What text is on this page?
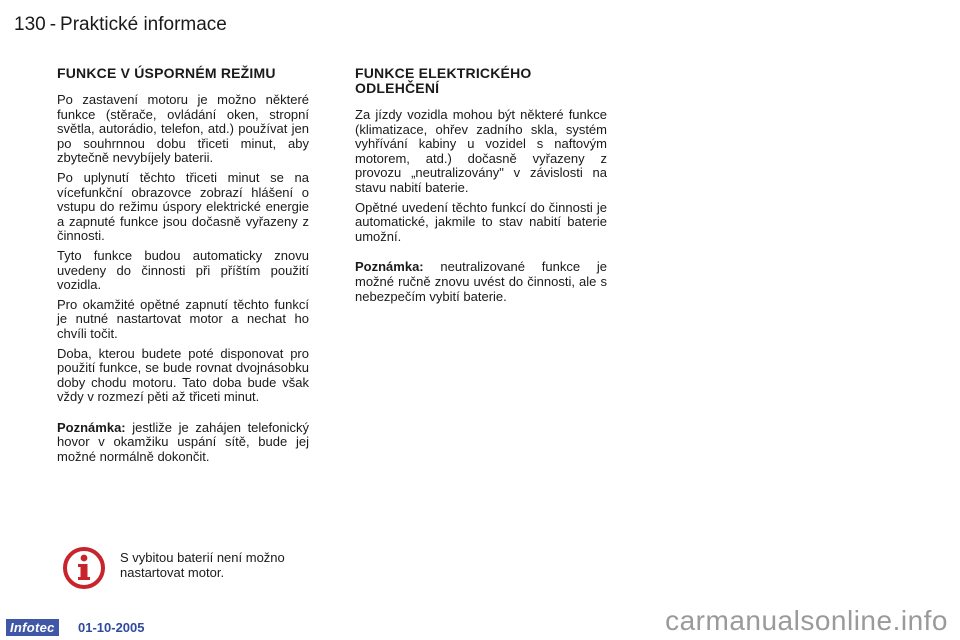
130 - Praktické informace
FUNKCE V ÚSPORNÉM REŽIMU

Po zastavení motoru je možno některé funkce (stěrače, ovládání oken, stropní světla, autorádio, telefon, atd.) používat jen po souhrnnou dobu třiceti minut, aby zbytečně nevybíjely baterii.

Po uplynutí těchto třiceti minut se na vícefunkční obrazovce zobrazí hlášení o vstupu do režimu úspory elektrické energie a zapnuté funkce jsou dočasně vyřazeny z činnosti.

Tyto funkce budou automaticky znovu uvedeny do činnosti při příštím použití vozidla.

Pro okamžité opětné zapnutí těchto funkcí je nutné nastartovat motor a nechat ho chvíli točit.

Doba, kterou budete poté disponovat pro použití funkce, se bude rovnat dvojnásobku doby chodu motoru. Tato doba bude však vždy v rozmezí pěti až třiceti minut.

Poznámka: jestliže je zahájen telefonický hovor v okamžiku uspání sítě, bude jej možné normálně dokončit.

FUNKCE ELEKTRICKÉHO ODLEHČENÍ

Za jízdy vozidla mohou být některé funkce (klimatizace, ohřev zadního skla, systém vyhřívání kabiny u vozidel s naftovým motorem, atd.) dočasně vyřazeny z provozu „neutralizovány" v závislosti na stavu nabití baterie.

Opětné uvedení těchto funkcí do činnosti je automatické, jakmile to stav nabití baterie umožní.

Poznámka: neutralizované funkce je možné ručně znovu uvést do činnosti, ale s nebezpečím vybití baterie.

S vybitou baterií není možno nastartovat motor.
Infotec	01-10-2005	carmanualsonline.info
